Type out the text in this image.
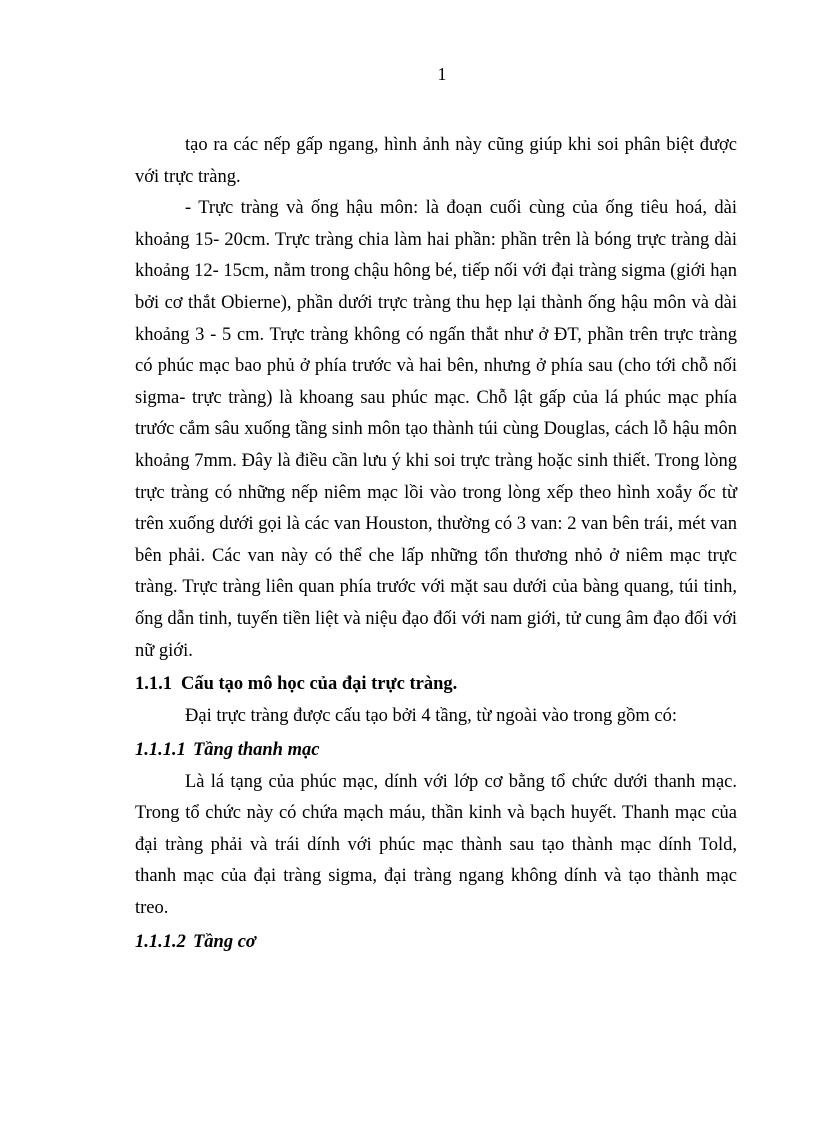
1

tạo ra các nếp gấp ngang, hình ảnh này cũng giúp khi soi phân biệt được với trực tràng.

- Trực tràng và ống hậu môn: là đoạn cuối cùng của ống tiêu hoá, dài khoảng 15- 20cm. Trực tràng chia làm hai phần: phần trên là bóng trực tràng dài khoảng 12- 15cm, nằm trong chậu hông bé, tiếp nối với đại tràng sigma (giới hạn bởi cơ thắt Obierne), phần dưới trực tràng thu hẹp lại thành ống hậu môn và dài khoảng 3 - 5 cm. Trực tràng không có ngấn thắt như ở ĐT, phần trên trực tràng có phúc mạc bao phủ ở phía trước và hai bên, nhưng ở phía sau (cho tới chỗ nối sigma- trực tràng) là khoang sau phúc mạc. Chỗ lật gấp của lá phúc mạc phía trước cắm sâu xuống tầng sinh môn tạo thành túi cùng Douglas, cách lỗ hậu môn khoảng 7mm. Đây là điều cần lưu ý khi soi trực tràng hoặc sinh thiết. Trong lòng trực tràng có những nếp niêm mạc lồi vào trong lòng xếp theo hình xoắy ốc từ trên xuống dưới gọi là các van Houston, thường có 3 van: 2 van bên trái, mét van bên phải. Các van này có thể che lấp những tổn thương nhỏ ở niêm mạc trực tràng. Trực tràng liên quan phía trước với mặt sau dưới của bàng quang, túi tinh, ống dẫn tinh, tuyến tiền liệt và niệu đạo đối với nam giới, tử cung âm đạo đối với nữ giới.

1.1.1 Cấu tạo mô học của đại trực tràng.

Đại trực tràng được cấu tạo bởi 4 tầng, từ ngoài vào trong gồm có:

1.1.1.1 Tầng thanh mạc

Là lá tạng của phúc mạc, dính với lớp cơ bằng tổ chức dưới thanh mạc. Trong tổ chức này có chứa mạch máu, thần kinh và bạch huyết. Thanh mạc của đại tràng phải và trái dính với phúc mạc thành sau tạo thành mạc dính Told, thanh mạc của đại tràng sigma, đại tràng ngang không dính và tạo thành mạc treo.

1.1.1.2 Tầng cơ
